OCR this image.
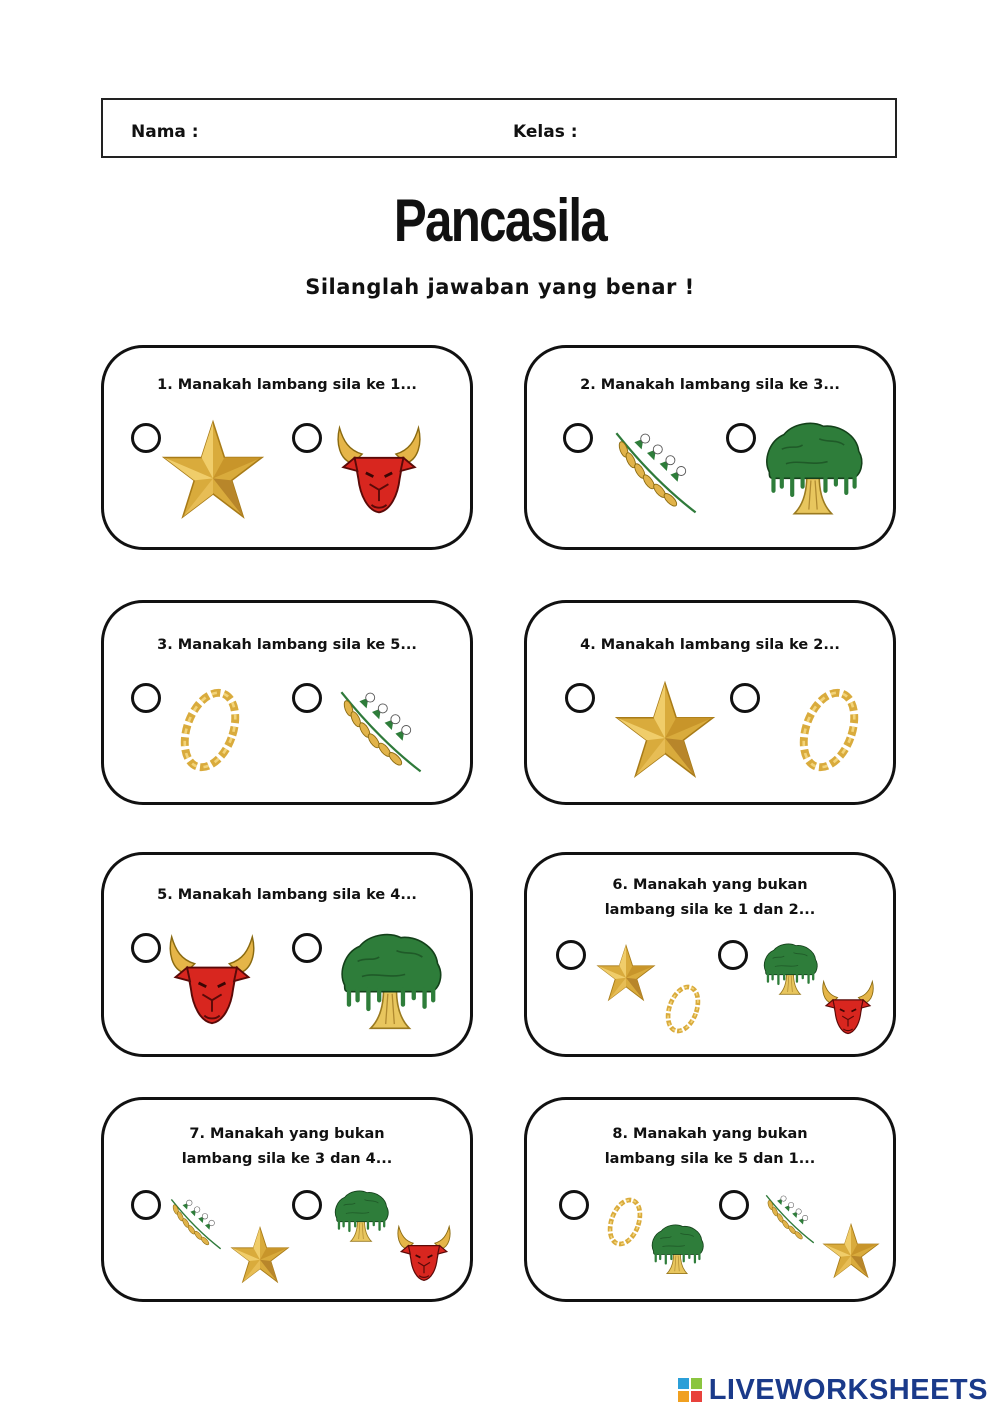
Nama :	Kelas :
Pancasila
Silanglah jawaban yang benar !
1. Manakah lambang sila ke 1...	2. Manakah lambang sila ke 3...
3. Manakah lambang sila ke 5...	4. Manakah lambang sila ke 2...
5. Manakah lambang sila ke 4...
6. Manakah yang bukan
lambang sila ke 1 dan 2...
7. Manakah yang bukan
lambang sila ke 3 dan 4...
8. Manakah yang bukan
lambang sila ke 5 dan 1...
LIVEWORKSHEETS
